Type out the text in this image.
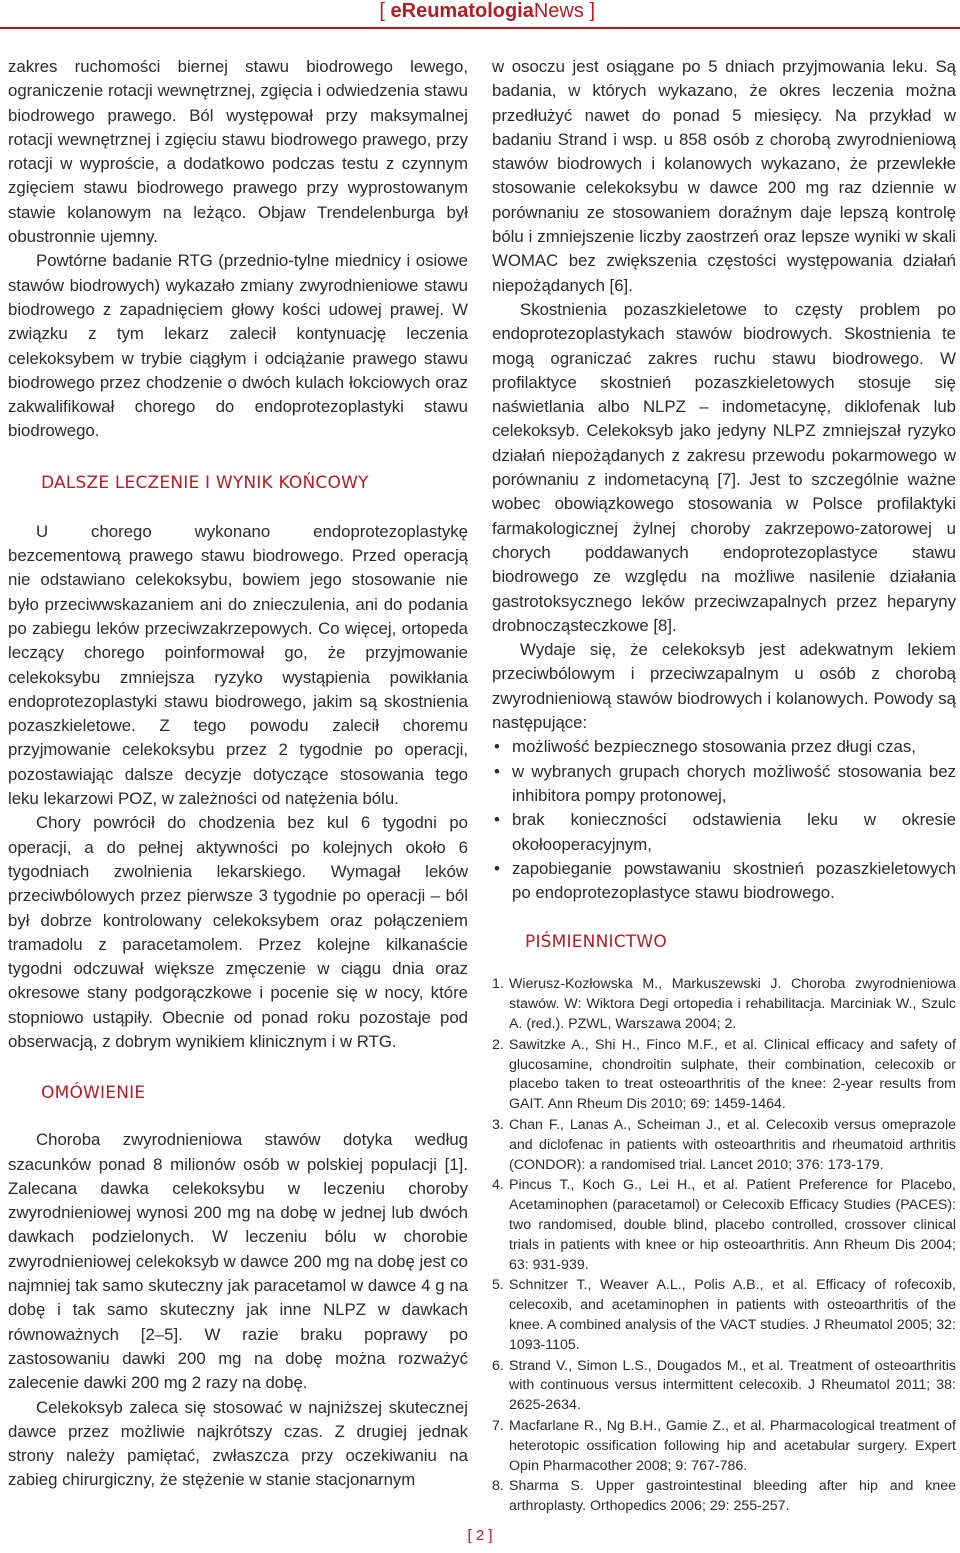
[ eReumatologiaNews ]

zakres ruchomości biernej stawu biodrowego lewego, ograniczenie rotacji wewnętrznej, zgięcia i odwiedzenia stawu biodrowego prawego. Ból występował przy maksymalnej rotacji wewnętrznej i zgięciu stawu biodrowego prawego, przy rotacji w wyproście, a dodatkowo podczas testu z czynnym zgięciem stawu biodrowego prawego przy wyprostowanym stawie kolanowym na leżąco. Objaw Trendelenburga był obustronnie ujemny.

Powtórne badanie RTG (przednio-tylne miednicy i osiowe stawów biodrowych) wykazało zmiany zwyrodnieniowe stawu biodrowego z zapadnięciem głowy kości udowej prawej. W związku z tym lekarz zalecił kontynuację leczenia celekoksybem w trybie ciągłym i odciążanie prawego stawu biodrowego przez chodzenie o dwóch kulach łokciowych oraz zakwalifikował chorego do endoprotezoplastyki stawu biodrowego.

DALSZE LECZENIE I WYNIK KOŃCOWY

U chorego wykonano endoprotezoplastykę bezcementową prawego stawu biodrowego. Przed operacją nie odstawiano celekoksybu, bowiem jego stosowanie nie było przeciwwskazaniem ani do znieczulenia, ani do podania po zabiegu leków przeciwzakrzepowych. Co więcej, ortopeda leczący chorego poinformował go, że przyjmowanie celekoksybu zmniejsza ryzyko wystąpienia powikłania endoprotezoplastyki stawu biodrowego, jakim są skostnienia pozaszkieletowe. Z tego powodu zalecił choremu przyjmowanie celekoksybu przez 2 tygodnie po operacji, pozostawiając dalsze decyzje dotyczące stosowania tego leku lekarzowi POZ, w zależności od natężenia bólu.

Chory powrócił do chodzenia bez kul 6 tygodni po operacji, a do pełnej aktywności po kolejnych około 6 tygodniach zwolnienia lekarskiego. Wymagał leków przeciwbólowych przez pierwsze 3 tygodnie po operacji – ból był dobrze kontrolowany celekoksybem oraz połączeniem tramadolu z paracetamolem. Przez kolejne kilkanaście tygodni odczuwał większe zmęczenie w ciągu dnia oraz okresowe stany podgorączkowe i pocenie się w nocy, które stopniowo ustąpiły. Obecnie od ponad roku pozostaje pod obserwacją, z dobrym wynikiem klinicznym i w RTG.

OMÓWIENIE

Choroba zwyrodnieniowa stawów dotyka według szacunków ponad 8 milionów osób w polskiej populacji [1]. Zalecana dawka celekoksybu w leczeniu choroby zwyrodnieniowej wynosi 200 mg na dobę w jednej lub dwóch dawkach podzielonych. W leczeniu bólu w chorobie zwyrodnieniowej celekoksyb w dawce 200 mg na dobę jest co najmniej tak samo skuteczny jak paracetamol w dawce 4 g na dobę i tak samo skuteczny jak inne NLPZ w dawkach równoważnych [2–5]. W razie braku poprawy po zastosowaniu dawki 200 mg na dobę można rozważyć zalecenie dawki 200 mg 2 razy na dobę.

Celekoksyb zaleca się stosować w najniższej skutecznej dawce przez możliwie najkrótszy czas. Z drugiej jednak strony należy pamiętać, zwłaszcza przy oczekiwaniu na zabieg chirurgiczny, że stężenie w stanie stacjonarnym

w osoczu jest osiągane po 5 dniach przyjmowania leku. Są badania, w których wykazano, że okres leczenia można przedłużyć nawet do ponad 5 miesięcy. Na przykład w badaniu Strand i wsp. u 858 osób z chorobą zwyrodnieniową stawów biodrowych i kolanowych wykazano, że przewlekłe stosowanie celekoksybu w dawce 200 mg raz dziennie w porównaniu ze stosowaniem doraźnym daje lepszą kontrolę bólu i zmniejszenie liczby zaostrzeń oraz lepsze wyniki w skali WOMAC bez zwiększenia częstości występowania działań niepożądanych [6].

Skostnienia pozaszkieletowe to częsty problem po endoprotezoplastykach stawów biodrowych. Skostnienia te mogą ograniczać zakres ruchu stawu biodrowego. W profilaktyce skostnień pozaszkieletowych stosuje się naświetlania albo NLPZ – indometacynę, diklofenak lub celekoksyb. Celekoksyb jako jedyny NLPZ zmniejszał ryzyko działań niepożądanych z zakresu przewodu pokarmowego w porównaniu z indometacyną [7]. Jest to szczególnie ważne wobec obowiązkowego stosowania w Polsce profilaktyki farmakologicznej żylnej choroby zakrzepowo-zatorowej u chorych poddawanych endoprotezoplastyce stawu biodrowego ze względu na możliwe nasilenie działania gastrotoksycznego leków przeciwzapalnych przez heparyny drobnocząsteczkowe [8].

Wydaje się, że celekoksyb jest adekwatnym lekiem przeciwbólowym i przeciwzapalnym u osób z chorobą zwyrodnieniową stawów biodrowych i kolanowych. Powody są następujące:

• możliwość bezpiecznego stosowania przez długi czas,
• w wybranych grupach chorych możliwość stosowania bez inhibitora pompy protonowej,
• brak konieczności odstawienia leku w okresie okołooperacyjnym,
• zapobieganie powstawaniu skostnień pozaszkieletowych po endoprotezoplastyce stawu biodrowego.
PIŚMIENNICTWO
1. Wierusz-Kozłowska M., Markuszewski J. Choroba zwyrodnieniowa stawów. W: Wiktora Degi ortopedia i rehabilitacja. Marciniak W., Szulc A. (red.). PZWL, Warszawa 2004; 2.
2. Sawitzke A., Shi H., Finco M.F., et al. Clinical efficacy and safety of glucosamine, chondroitin sulphate, their combination, celecoxib or placebo taken to treat osteoarthritis of the knee: 2-year results from GAIT. Ann Rheum Dis 2010; 69: 1459-1464.
3. Chan F., Lanas A., Scheiman J., et al. Celecoxib versus omeprazole and diclofenac in patients with osteoarthritis and rheumatoid arthritis (CONDOR): a randomised trial. Lancet 2010; 376: 173-179.
4. Pincus T., Koch G., Lei H., et al. Patient Preference for Placebo, Acetaminophen (paracetamol) or Celecoxib Efficacy Studies (PACES): two randomised, double blind, placebo controlled, crossover clinical trials in patients with knee or hip osteoarthritis. Ann Rheum Dis 2004; 63: 931-939.
5. Schnitzer T., Weaver A.L., Polis A.B., et al. Efficacy of rofecoxib, celecoxib, and acetaminophen in patients with osteoarthritis of the knee. A combined analysis of the VACT studies. J Rheumatol 2005; 32: 1093-1105.
6. Strand V., Simon L.S., Dougados M., et al. Treatment of osteoarthritis with continuous versus intermittent celecoxib. J Rheumatol 2011; 38: 2625-2634.
7. Macfarlane R., Ng B.H., Gamie Z., et al. Pharmacological treatment of heterotopic ossification following hip and acetabular surgery. Expert Opin Pharmacother 2008; 9: 767-786.
8. Sharma S. Upper gastrointestinal bleeding after hip and knee arthroplasty. Orthopedics 2006; 29: 255-257.
[ 2 ]
